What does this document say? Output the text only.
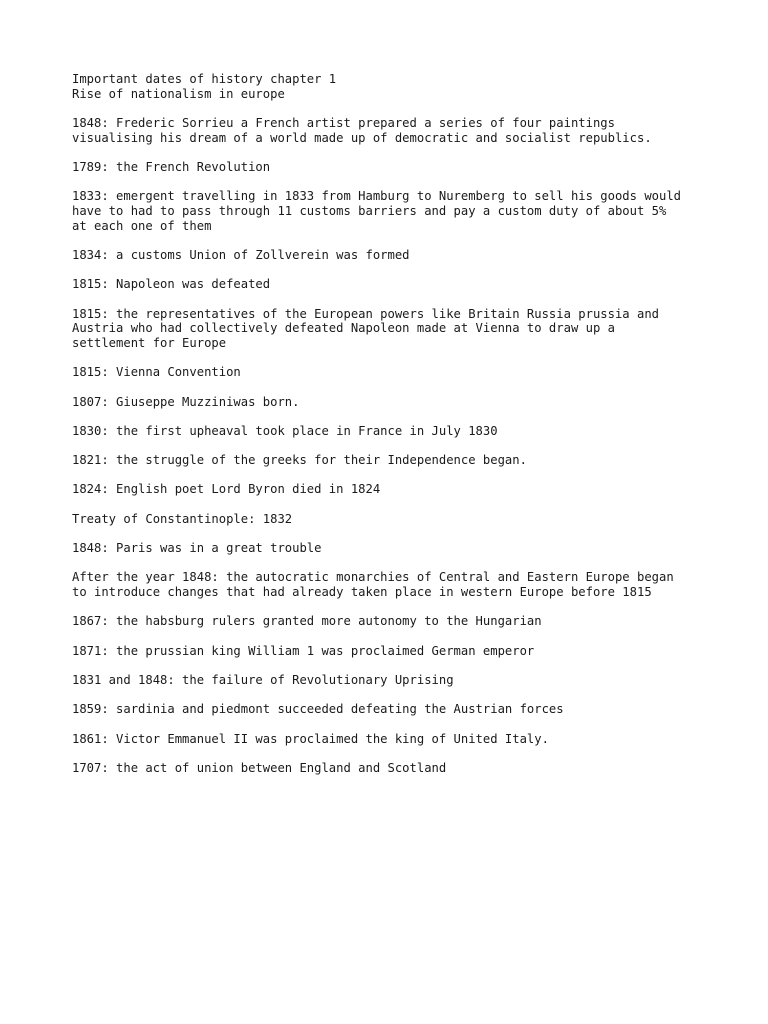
Important dates of history chapter 1

Rise of nationalism in europe

1848: Frederic Sorrieu a French artist prepared a series of four paintings
visualising his dream of a world made up of democratic and socialist republics.

1789: the French Revolution

1833: emergent travelling in 1833 from Hamburg to Nuremberg to sell his goods would
have to had to pass through 11 customs barriers and pay a custom duty of about 5%
at each one of them

1834: a customs Union of Zollverein was formed

1815: Napoleon was defeated

1815: the representatives of the European powers like Britain Russia prussia and
Austria who had collectively defeated Napoleon made at Vienna to draw up a
settlement for Europe

1815: Vienna Convention

1807: Giuseppe Muzziniwas born.

1830: the first upheaval took place in France in July 1830

1821: the struggle of the greeks for their Independence began.

1824: English poet Lord Byron died in 1824

Treaty of Constantinople: 1832

1848: Paris was in a great trouble

After the year 1848: the autocratic monarchies of Central and Eastern Europe began
to introduce changes that had already taken place in western Europe before 1815

1867: the habsburg rulers granted more autonomy to the Hungarian

1871: the prussian king William 1 was proclaimed German emperor

1831 and 1848: the failure of Revolutionary Uprising

1859: sardinia and piedmont succeeded defeating the Austrian forces

1861: Victor Emmanuel II was proclaimed the king of United Italy.

1707: the act of union between England and Scotland
